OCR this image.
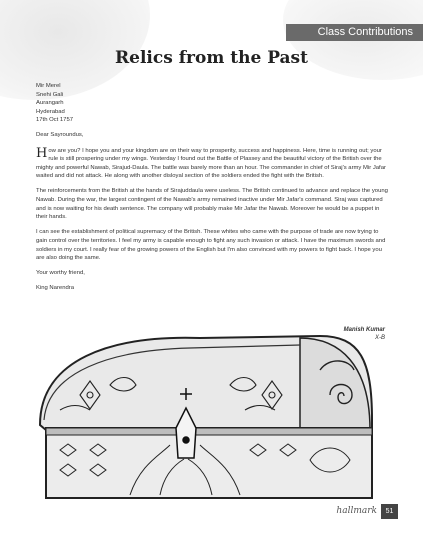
Class Contributions
Relics from the Past

Mir Merel

Snehi Gali

Aurangarh

Hyderabad

17th Oct 1757

Dear Sayroundus,

How are you? I hope you and your kingdom are on their way to prosperity, success and happiness. Here, time is running out; your rule is still prospering under my wings. Yesterday I found out the Battle of Plassey and the beautiful victory of the British over the mighty and powerful Nawab, Sirajud-Daula. The battle was barely more than an hour. The commander in chief of Siraj's army Mir Jafar waited and did not attack. He along with another disloyal section of the soldiers ended the fight with the British.

The reinforcements from the British at the hands of Sirajuddaula were useless. The British continued to advance and replace the young Nawab. During the war, the largest contingent of the Nawab's army remained inactive under Mir Jafar's command. Siraj was captured and is now waiting for his death sentence. The company will probably make Mir Jafar the Nawab. Moreover he would be a puppet in their hands.

I can see the establishment of political supremacy of the British. These whites who came with the purpose of trade are now trying to gain control over the territories. I feel my army is capable enough to fight any such invasion or attack. I have the maximum swords and soldiers in my court. I really fear of the growing powers of the English but I'm also convinced with my powers to fight back. I hope you are also doing the same.

Your worthy friend,

King Narendra

Manish Kumar
X-B
hallmark	51
